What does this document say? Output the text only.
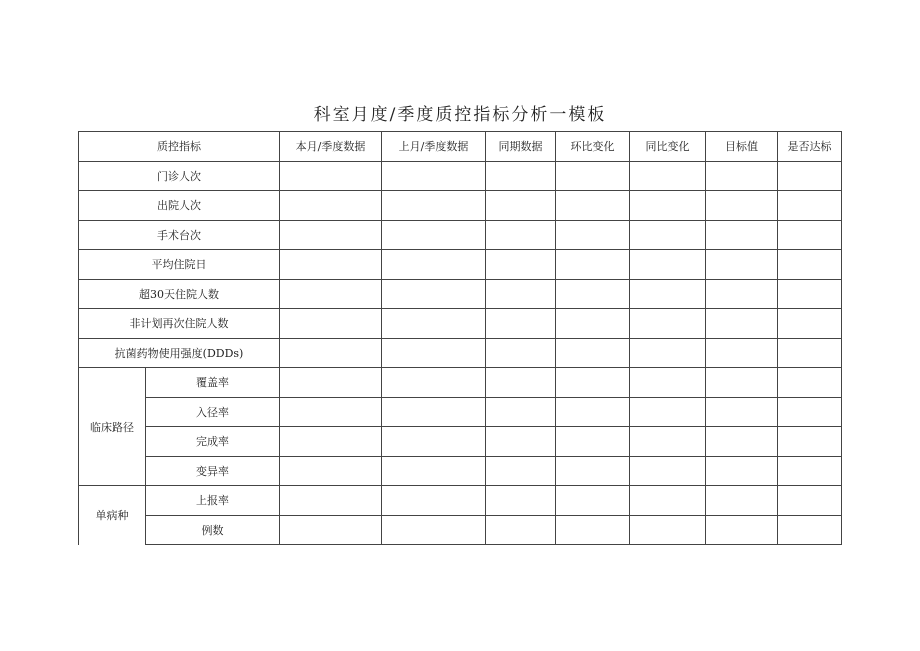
科室月度/季度质控指标分析一模板
质控指标		本月/季度数据	上月/季度数据	同期数据	环比变化	同比变化	目标值	是否达标
门诊人次								
出院人次								
手术台次								
平均住院日								
超30天住院人数								
非计划再次住院人数								
抗菌药物使用强度(DDDs)								
临床路径	覆盖率							
	入径率							
	完成率							
	变异率							
单病种	上报率							
	例数							
